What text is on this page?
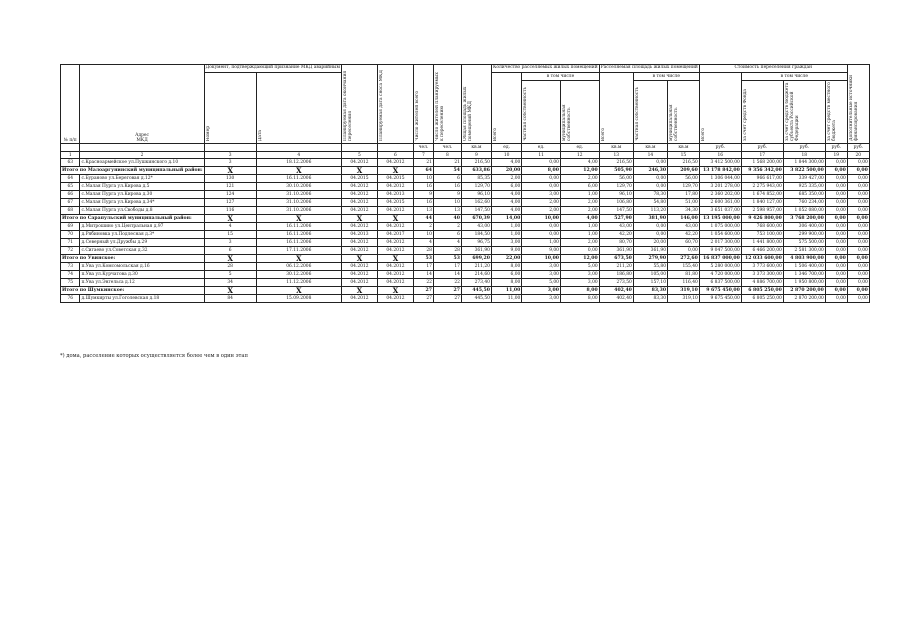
№ п/п	Адрес
МКД	Документ, подтверждающий признание МКД аварийным		Планируемая дата окончания переселения	Планируемая дата сноса МКД	Число жителей всего	Число жителей планируемых к переселению	Общая площадь жилых помещений МКД	Количество расселяемых жилых помещений			Расселяемая площадь жилых помещений			Стоимость переселения граждан				Дополнительные источники финансирования
		Номер	Дата						Всего	в том числе		Всего	в том числе		Всего	в том числе			
										частная собственность	муниципальная собственность		частная собственность	муниципальная собственность		за счет средств Фонда	за счет средств бюджета субъекта Российской Федерации	за счет средств местного бюджета	
						чел.	чел.	кв.м	ед.	ед.	ед.	кв.м	кв.м	кв.м	руб.	руб.	руб.	руб.	руб.
1	2	3	4	5	6	7	8	9	10	11	12	13	14	15	16	17	18	19	20
63	с.Красноармейское ул.Пушкинского д.10	3	18.12.2006	04.2012	04.2012	21	21	216,50	4,00	0,00	4,00	216,50	0,00	216,50	3 412 500,00	1 568 200,00	1 844 300,00	0,00	0,00
Итого по Малоаргунинский муниципальный район:		X	X	X	X	64	54	633,86	20,00	8,00	12,00	505,90	246,30	209,60	13 178 842,00	9 356 342,00	3 822 500,00	0,00	0,00
64	с.Бураново ул.Береговая д.12*	130	16.11.2006	04.2015	04.2015	10	6	85,35	2,00	0,00	2,00	56,00	0,00	56,00	1 306 044,00	966 617,00	339 427,00	0,00	0,00
65	с.Малая Пурга ул.Кирова д.5	121	30.10.2006	04.2012	04.2012	16	16	129,70	6,00	0,00	6,00	129,70	0,00	129,70	3 201 278,00	2 275 943,00	925 335,00	0,00	0,00
66	с.Малая Пурга ул.Кирова д.30	124	31.10.2006	04.2012	04.2013	9	9	96,10	4,00	3,00	1,00	96,10	78,30	17,80	2 360 202,00	1 674 852,00	685 350,00	0,00	0,00
67	с.Малая Пурга ул.Кирова д.34*	127	31.10.2006	04.2012	04.2015	16	10	162,60	4,00	2,00	2,00	106,80	54,80	51,00	2 600 361,00	1 840 127,00	760 234,00	0,00	0,00
68	с.Малая Пурга ул.Свободы д.8	116	31.10.2006	04.2012	04.2012	13	13	147,50	4,00	2,00	2,00	147,50	113,20	34,30	3 651 037,00	2 598 957,00	1 052 080,00	0,00	0,00
Итого по Сарапульский муниципальный район:		X	X	X	X	44	40	670,39	14,00	10,00	4,00	527,90	381,90	146,00	13 195 000,00	9 426 800,00	3 768 200,00	0,00	0,00
69	д.Митрошино ул.Центральная д.97	4	16.11.2006	04.2012	04.2012	2	2	43,00	1,00	0,00	1,00	43,00	0,00	43,00	1 075 000,00	768 600,00	306 400,00	0,00	0,00
70	д.Рябиновка ул.Подлесная д.3*	15	16.11.2006	04.2013	04.2017	10	6	184,50	1,00	0,00	1,00	42,20	0,00	42,20	1 054 600,00	753 100,00	299 900,00	0,00	0,00
71	д.Северный ул.Дружбы д.29	3	16.11.2006	04.2012	04.2012	4	4	96,75	3,00	1,00	2,00	80,70	20,00	60,70	2 017 300,00	1 441 800,00	575 500,00	0,00	0,00
72	с.Сигаево ул.Советская д.32	6	17.11.2006	04.2012	04.2012	28	28	361,90	9,00	9,00	0,00	361,90	361,90	0,00	9 047 500,00	6 466 200,00	2 581 300,00	0,00	0,00
Итого по Увинское:		X	X	X	X	53	53	699,20	22,00	10,00	12,00	673,50	279,90	272,60	16 837 000,00	12 033 600,00	4 803 900,00	0,00	0,00
73	п.Ува ул.Комсомольская д.16	28	06.12.2006	04.2012	04.2012	17	17	211,20	8,00	3,00	5,00	211,20	55,80	155,40	5 280 000,00	3 773 600,00	1 506 400,00	0,00	0,00
74	п.Ува ул.Курчатова д.30	5	30.12.2006	04.2012	04.2012	14	14	214,60	6,00	3,00	3,00	186,80	105,00	81,80	4 720 000,00	3 373 300,00	1 346 700,00	0,00	0,00
75	п.Ува ул.Энгельса д.12	34	11.12.2006	04.2012	04.2012	22	22	273,40	8,00	5,00	3,00	273,50	157,10	116,40	6 837 500,00	4 886 700,00	1 950 800,00	0,00	0,00
Итого по Шумкинское:		X	X	X	X	27	27	445,50	11,00	3,00	8,00	402,40	83,30	319,10	9 675 450,00	6 805 250,00	2 870 200,00	0,00	0,00
76	д.Шумкирты ул.Гоголевская д.18	84	15.09.2008	04.2012	04.2012	27	27	445,50	11,00	3,00	8,00	402,40	83,30	319,10	9 675 450,00	6 805 250,00	2 870 200,00	0,00	0,00
*) дома, расселение которых осуществляется более чем в один этап
